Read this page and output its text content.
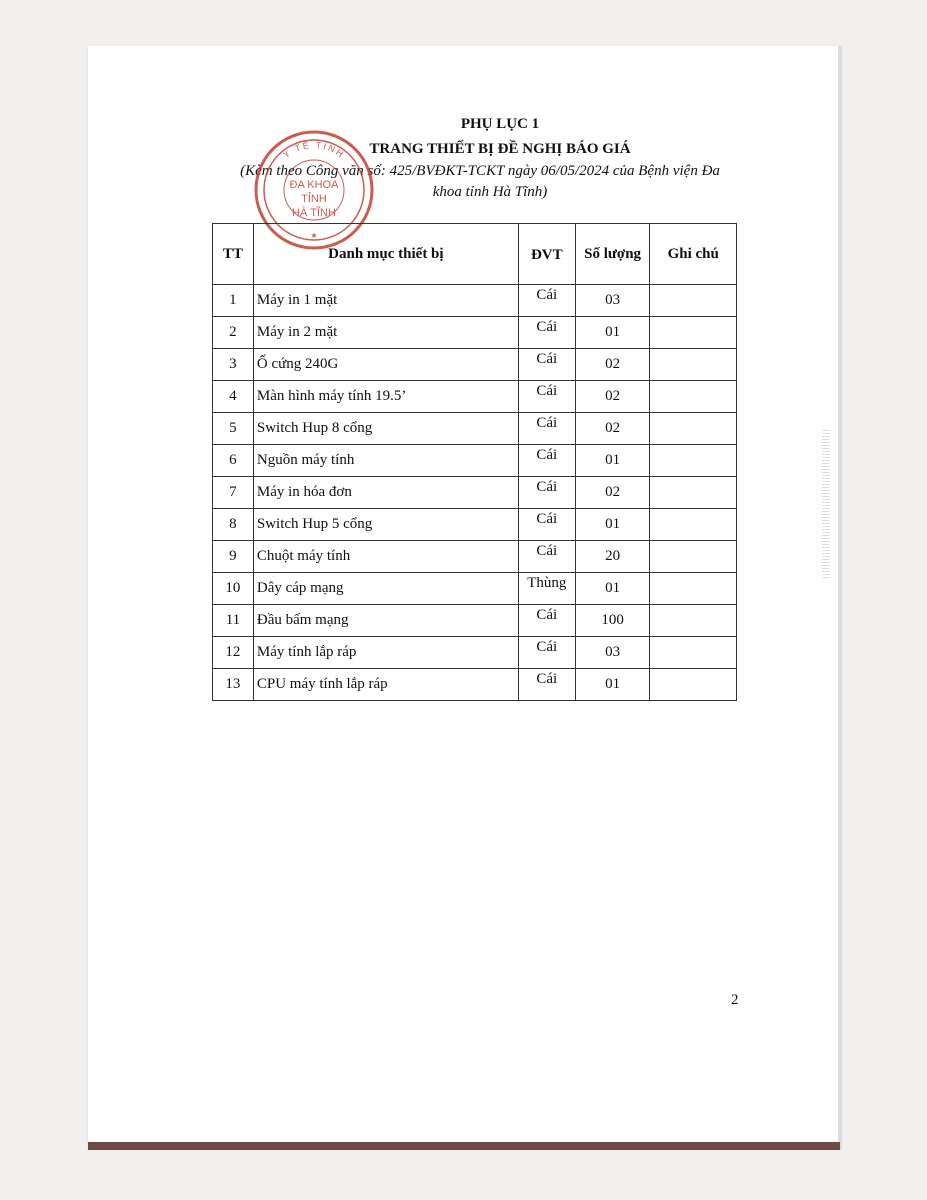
PHỤ LỤC 1
TRANG THIẾT BỊ ĐỀ NGHỊ BÁO GIÁ
(Kèm theo Công văn số: 425/BVĐKT-TCKT ngày 06/05/2024 của Bệnh viện Đa
khoa tỉnh Hà Tĩnh)
Y TẾ TỈNH
ĐA KHOA
TỈNH
HÀ TĨNH
★
TT	Danh mục thiết bị	ĐVT	Số lượng	Ghi chú
1	Máy in 1 mặt	Cái	03	
2	Máy in 2 mặt	Cái	01	
3	Ổ cứng 240G	Cái	02	
4	Màn hình máy tính 19.5’	Cái	02	
5	Switch Hup 8 cổng	Cái	02	
6	Nguồn máy tính	Cái	01	
7	Máy in hóa đơn	Cái	02	
8	Switch Hup 5 cổng	Cái	01	
9	Chuột máy tính	Cái	20	
10	Dây cáp mạng	Thùng	01	
11	Đầu bấm mạng	Cái	100	
12	Máy tính lắp ráp	Cái	03	
13	CPU máy tính lắp ráp	Cái	01	
2
